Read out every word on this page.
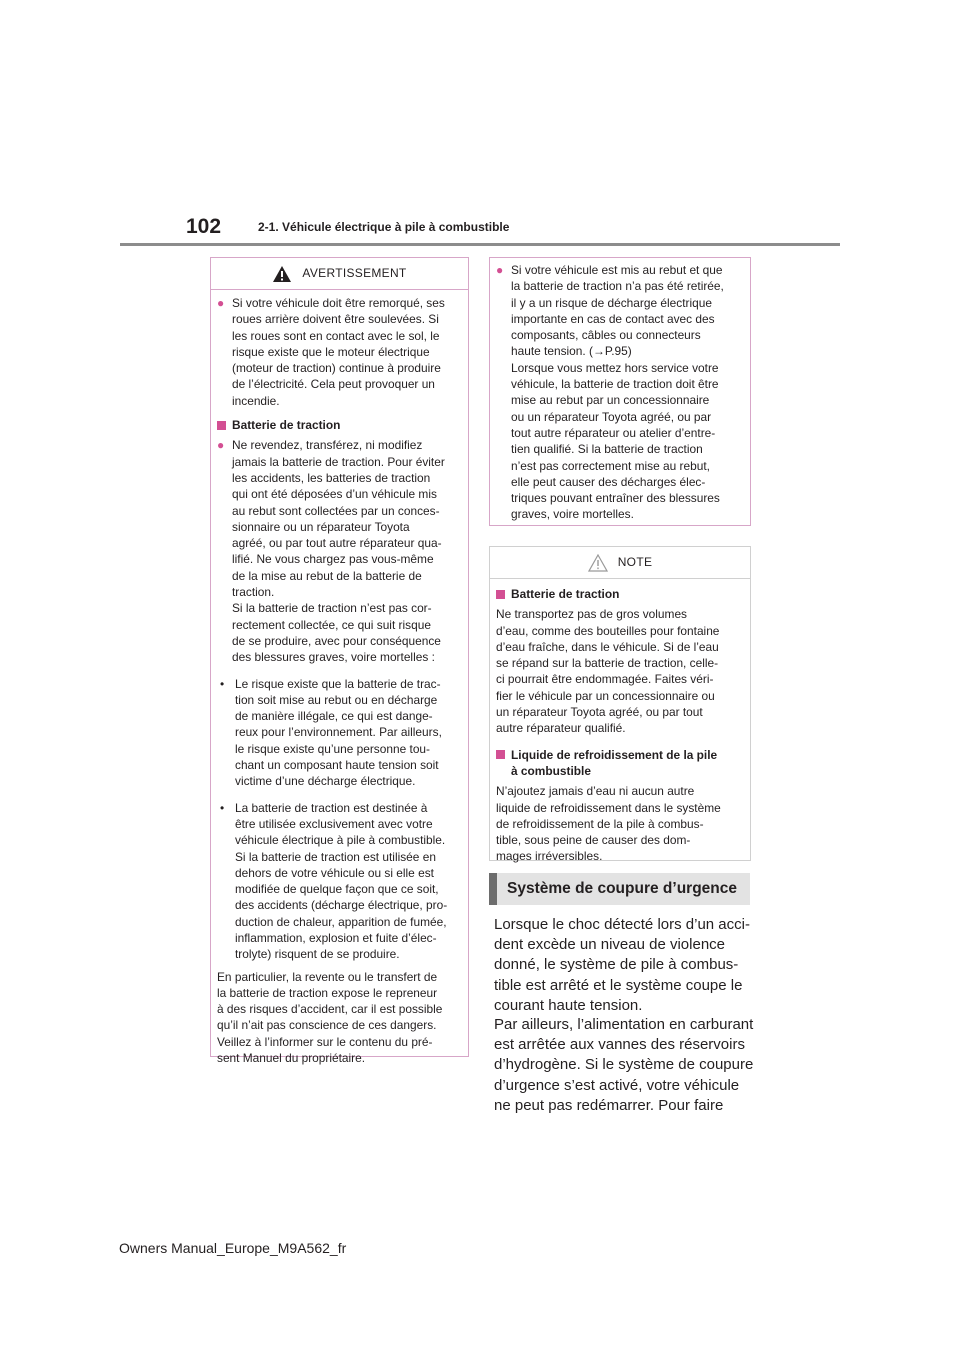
102	2-1. Véhicule électrique à pile à combustible
AVERTISSEMENT
● Si votre véhicule doit être remorqué, ses
roues arrière doivent être soulevées. Si
les roues sont en contact avec le sol, le
risque existe que le moteur électrique
(moteur de traction) continue à produire
de l’électricité. Cela peut provoquer un
incendie.
Batterie de traction
● Ne revendez, transférez, ni modifiez
jamais la batterie de traction. Pour éviter
les accidents, les batteries de traction
qui ont été déposées d’un véhicule mis
au rebut sont collectées par un conces-
sionnaire ou un réparateur Toyota
agréé, ou par tout autre réparateur qua-
lifié. Ne vous chargez pas vous-même
de la mise au rebut de la batterie de
traction.
Si la batterie de traction n’est pas cor-
rectement collectée, ce qui suit risque
de se produire, avec pour conséquence
des blessures graves, voire mortelles :
• Le risque existe que la batterie de trac-
tion soit mise au rebut ou en décharge
de manière illégale, ce qui est dange-
reux pour l’environnement. Par ailleurs,
le risque existe qu’une personne tou-
chant un composant haute tension soit
victime d’une décharge électrique.
• La batterie de traction est destinée à
être utilisée exclusivement avec votre
véhicule électrique à pile à combustible.
Si la batterie de traction est utilisée en
dehors de votre véhicule ou si elle est
modifiée de quelque façon que ce soit,
des accidents (décharge électrique, pro-
duction de chaleur, apparition de fumée,
inflammation, explosion et fuite d’élec-
trolyte) risquent de se produire.
En particulier, la revente ou le transfert de
la batterie de traction expose le repreneur
à des risques d’accident, car il est possible
qu’il n’ait pas conscience de ces dangers.
Veillez à l’informer sur le contenu du pré-
sent Manuel du propriétaire.
● Si votre véhicule est mis au rebut et que
la batterie de traction n’a pas été retirée,
il y a un risque de décharge électrique
importante en cas de contact avec des
composants, câbles ou connecteurs
haute tension. (→P.95)
Lorsque vous mettez hors service votre
véhicule, la batterie de traction doit être
mise au rebut par un concessionnaire
ou un réparateur Toyota agréé, ou par
tout autre réparateur ou atelier d’entre-
tien qualifié. Si la batterie de traction
n’est pas correctement mise au rebut,
elle peut causer des décharges élec-
triques pouvant entraîner des blessures
graves, voire mortelles.
NOTE
Batterie de traction
Ne transportez pas de gros volumes
d’eau, comme des bouteilles pour fontaine
d’eau fraîche, dans le véhicule. Si de l’eau
se répand sur la batterie de traction, celle-
ci pourrait être endommagée. Faites véri-
fier le véhicule par un concessionnaire ou
un réparateur Toyota agréé, ou par tout
autre réparateur qualifié.
Liquide de refroidissement de la pile
à combustible
N’ajoutez jamais d’eau ni aucun autre
liquide de refroidissement dans le système
de refroidissement de la pile à combus-
tible, sous peine de causer des dom-
mages irréversibles.
Système de coupure d’urgence
Lorsque le choc détecté lors d’un acci-
dent excède un niveau de violence
donné, le système de pile à combus-
tible est arrêté et le système coupe le
courant haute tension.
Par ailleurs, l’alimentation en carburant
est arrêtée aux vannes des réservoirs
d’hydrogène. Si le système de coupure
d’urgence s’est activé, votre véhicule
ne peut pas redémarrer. Pour faire
Owners Manual_Europe_M9A562_fr
